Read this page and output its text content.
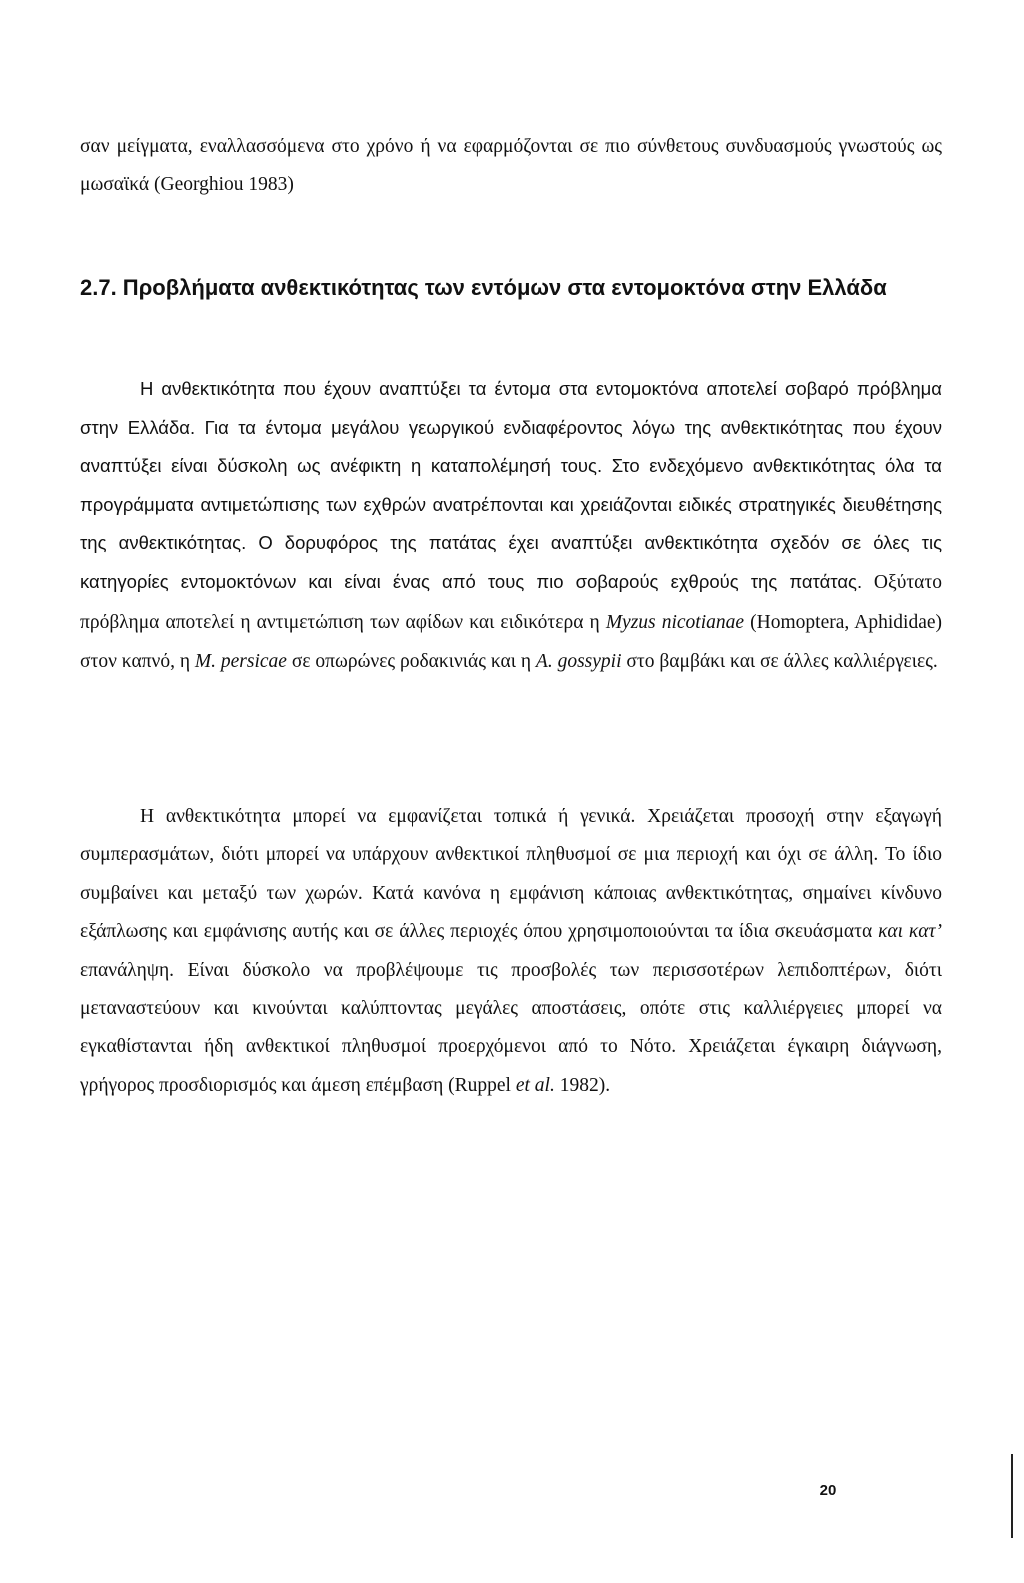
σαν μείγματα, εναλλασσόμενα στο χρόνο ή να εφαρμόζονται σε πιο σύνθετους συνδυασμούς γνωστούς ως μωσαϊκά (Georghiou 1983)
2.7. Προβλήματα ανθεκτικότητας των εντόμων στα εντομοκτόνα στην Ελλάδα
Η ανθεκτικότητα που έχουν αναπτύξει τα έντομα στα εντομοκτόνα αποτελεί σοβαρό πρόβλημα στην Ελλάδα. Για τα έντομα μεγάλου γεωργικού ενδιαφέροντος λόγω της ανθεκτικότητας που έχουν αναπτύξει είναι δύσκολη ως ανέφικτη η καταπολέμησή τους. Στο ενδεχόμενο ανθεκτικότητας όλα τα προγράμματα αντιμετώπισης των εχθρών ανατρέπονται και χρειάζονται ειδικές στρατηγικές διευθέτησης της ανθεκτικότητας. Ο δορυφόρος της πατάτας έχει αναπτύξει ανθεκτικότητα σχεδόν σε όλες τις κατηγορίες εντομοκτόνων και είναι ένας από τους πιο σοβαρούς εχθρούς της πατάτας. Οξύτατο πρόβλημα αποτελεί η αντιμετώπιση των αφίδων και ειδικότερα η Myzus nicotianae (Homoptera, Aphididae) στον καπνό, η M. persicae σε οπωρώνες ροδακινιάς και η A. gossypii στο βαμβάκι και σε άλλες καλλιέργειες.
Η ανθεκτικότητα μπορεί να εμφανίζεται τοπικά ή γενικά. Χρειάζεται προσοχή στην εξαγωγή συμπερασμάτων, διότι μπορεί να υπάρχουν ανθεκτικοί πληθυσμοί σε μια περιοχή και όχι σε άλλη. Το ίδιο συμβαίνει και μεταξύ των χωρών. Κατά κανόνα η εμφάνιση κάποιας ανθεκτικότητας, σημαίνει κίνδυνο εξάπλωσης και εμφάνισης αυτής και σε άλλες περιοχές όπου χρησιμοποιούνται τα ίδια σκευάσματα και κατ’ επανάληψη. Είναι δύσκολο να προβλέψουμε τις προσβολές των περισσοτέρων λεπιδοπτέρων, διότι μεταναστεύουν και κινούνται καλύπτοντας μεγάλες αποστάσεις, οπότε στις καλλιέργειες μπορεί να εγκαθίστανται ήδη ανθεκτικοί πληθυσμοί προερχόμενοι από το Νότο. Χρειάζεται έγκαιρη διάγνωση, γρήγορος προσδιορισμός και άμεση επέμβαση (Ruppel et al. 1982).
20
